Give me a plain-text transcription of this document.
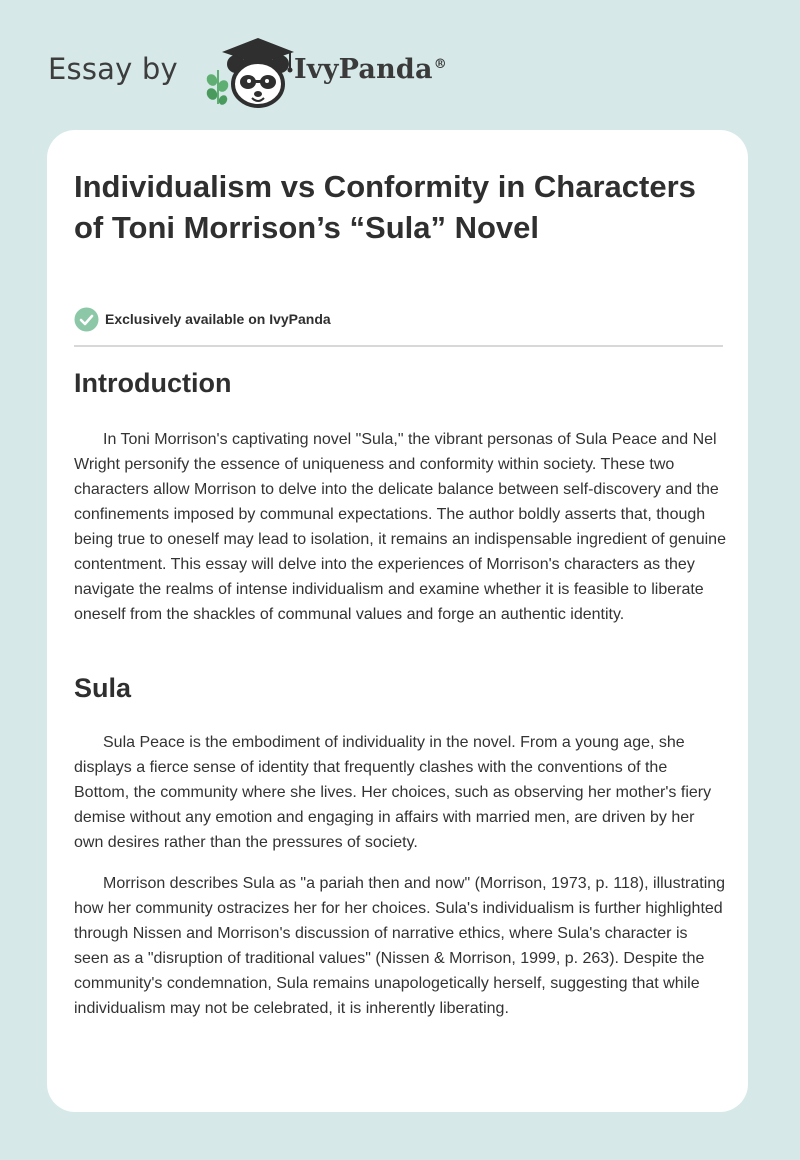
Essay by	IvyPanda®
Individualism vs Conformity in Characters of Toni Morrison’s “Sula” Novel
Exclusively available on IvyPanda
Introduction

In Toni Morrison's captivating novel "Sula," the vibrant personas of Sula Peace and Nel Wright personify the essence of uniqueness and conformity within society. These two characters allow Morrison to delve into the delicate balance between self-discovery and the confinements imposed by communal expectations. The author boldly asserts that, though being true to oneself may lead to isolation, it remains an indispensable ingredient of genuine contentment. This essay will delve into the experiences of Morrison's characters as they navigate the realms of intense individualism and examine whether it is feasible to liberate oneself from the shackles of communal values and forge an authentic identity.

Sula

Sula Peace is the embodiment of individuality in the novel. From a young age, she displays a fierce sense of identity that frequently clashes with the conventions of the Bottom, the community where she lives. Her choices, such as observing her mother's fiery demise without any emotion and engaging in affairs with married men, are driven by her own desires rather than the pressures of society.

Morrison describes Sula as "a pariah then and now" (Morrison, 1973, p. 118), illustrating how her community ostracizes her for her choices. Sula's individualism is further highlighted through Nissen and Morrison's discussion of narrative ethics, where Sula's character is seen as a "disruption of traditional values" (Nissen & Morrison, 1999, p. 263). Despite the community's condemnation, Sula remains unapologetically herself, suggesting that while individualism may not be celebrated, it is inherently liberating.
